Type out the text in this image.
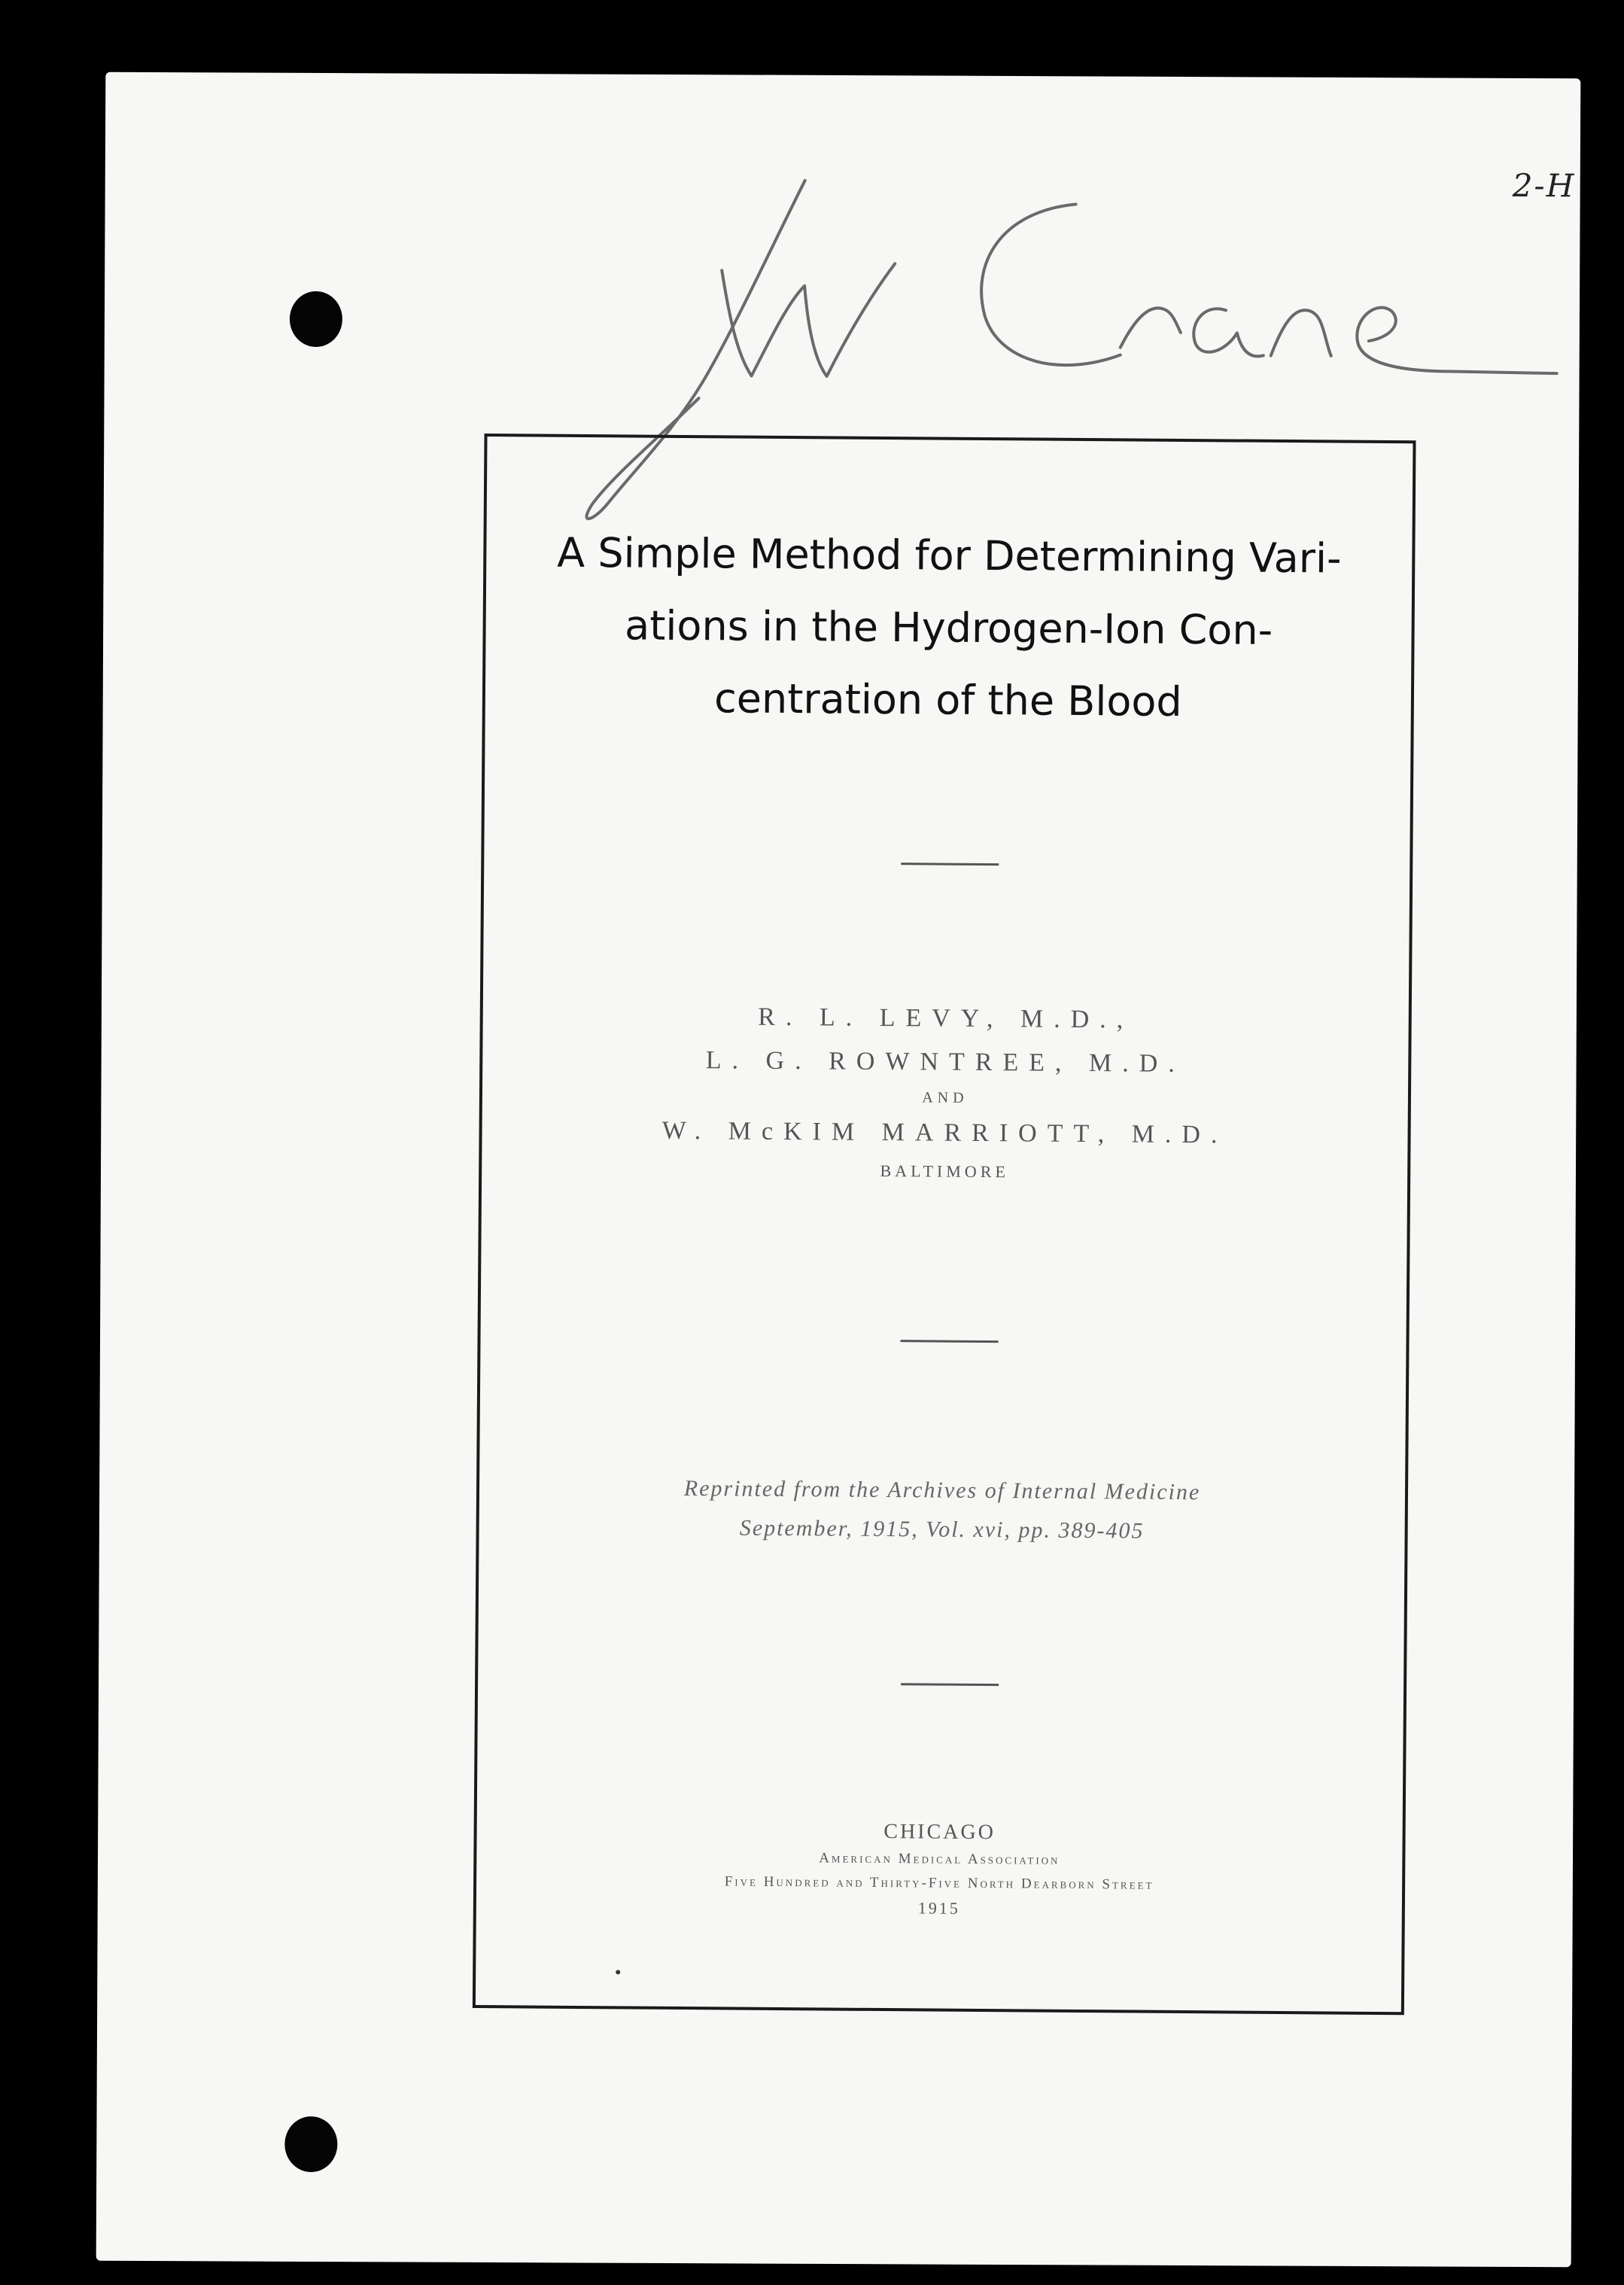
2-H
A Simple Method for Determining Vari-
ations in the Hydrogen-Ion Con-
centration of the Blood
R. L. LEVY, M.D.,
L. G. ROWNTREE, M.D.
AND
W. McKIM MARRIOTT, M.D.
BALTIMORE
Reprinted from the Archives of Internal Medicine
September, 1915, Vol. xvi, pp. 389-405
CHICAGO
American Medical Association
Five Hundred and Thirty-Five North Dearborn Street
1915
